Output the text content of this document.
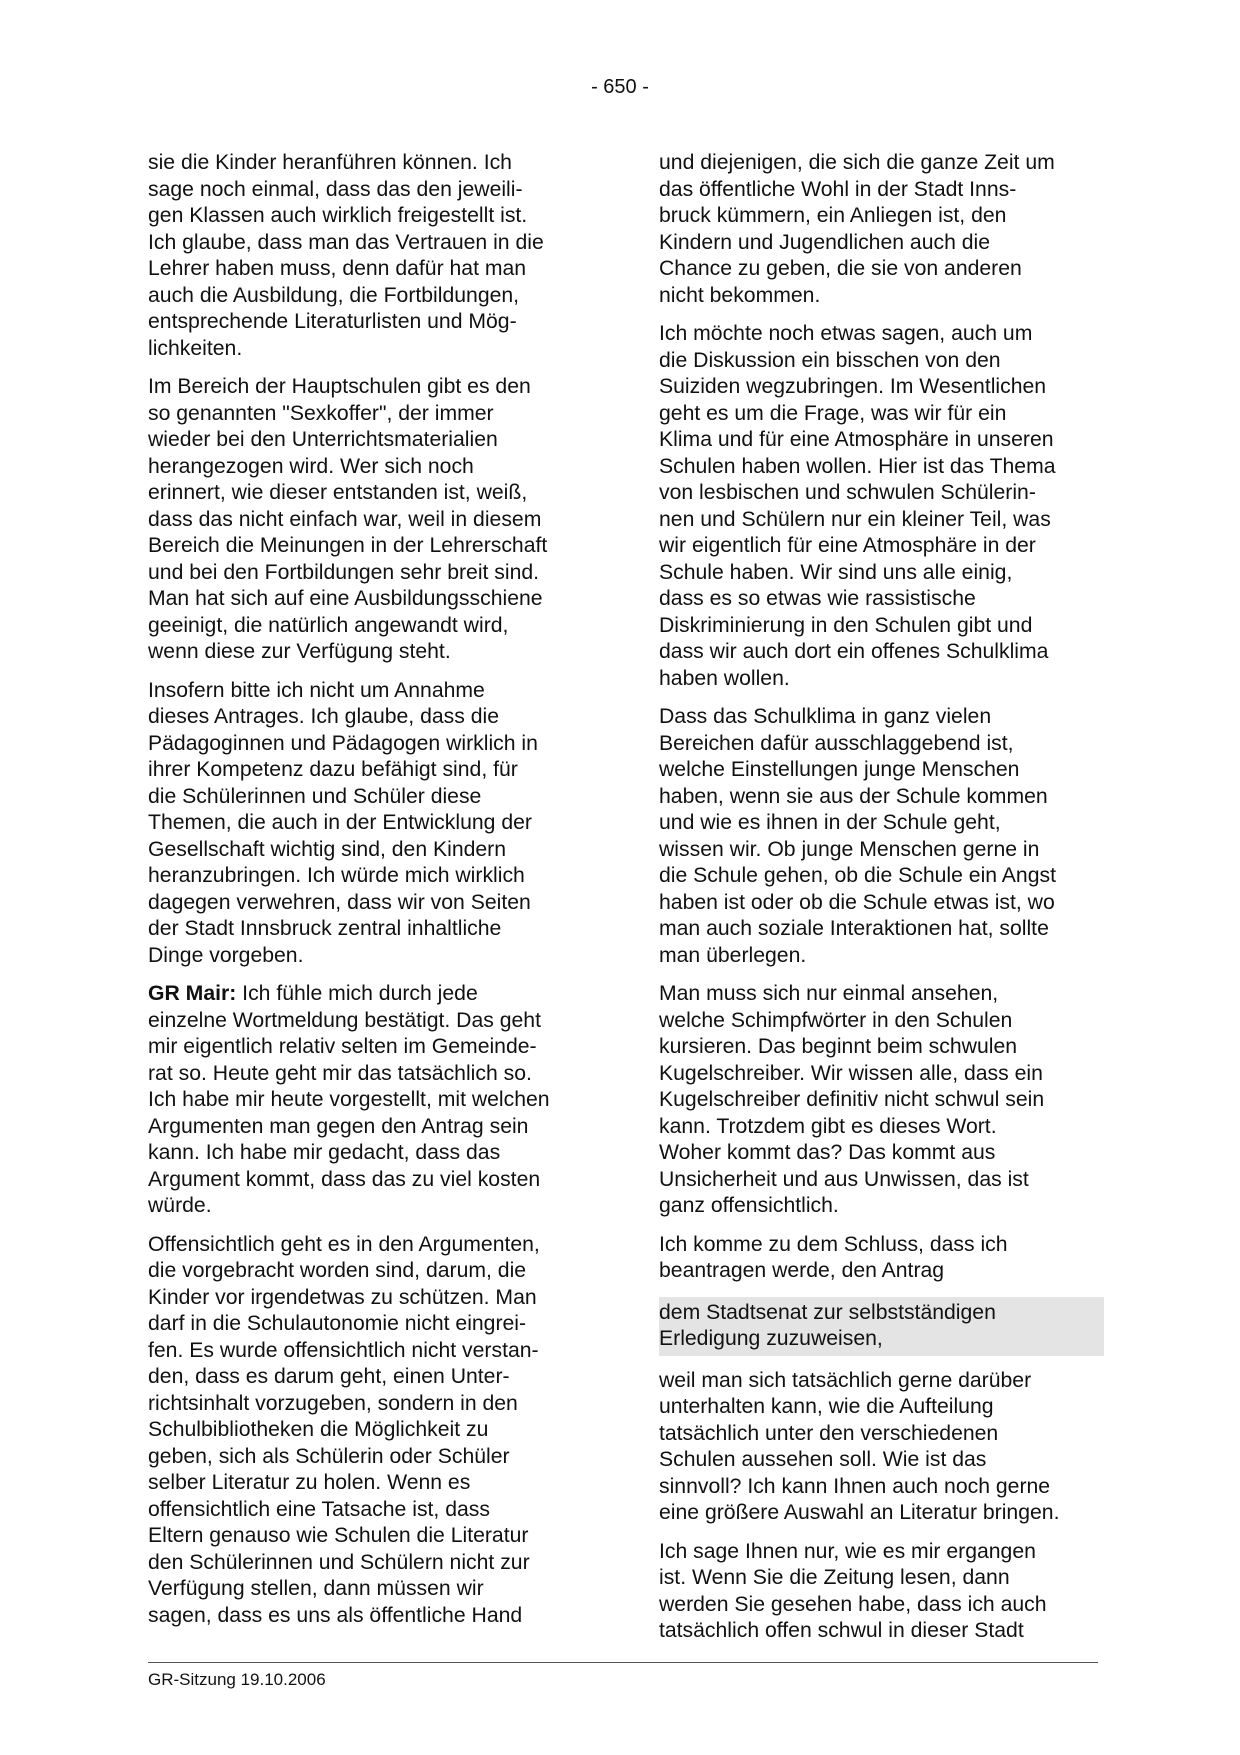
- 650 -
sie die Kinder heranführen können. Ich
sage noch einmal, dass das den jeweili-
gen Klassen auch wirklich freigestellt ist.
Ich glaube, dass man das Vertrauen in die
Lehrer haben muss, denn dafür hat man
auch die Ausbildung, die Fortbildungen,
entsprechende Literaturlisten und Mög-
lichkeiten.
Im Bereich der Hauptschulen gibt es den
so genannten "Sexkoffer", der immer
wieder bei den Unterrichtsmaterialien
herangezogen wird. Wer sich noch
erinnert, wie dieser entstanden ist, weiß,
dass das nicht einfach war, weil in diesem
Bereich die Meinungen in der Lehrerschaft
und bei den Fortbildungen sehr breit sind.
Man hat sich auf eine Ausbildungsschiene
geeinigt, die natürlich angewandt wird,
wenn diese zur Verfügung steht.
Insofern bitte ich nicht um Annahme
dieses Antrages. Ich glaube, dass die
Pädagoginnen und Pädagogen wirklich in
ihrer Kompetenz dazu befähigt sind, für
die Schülerinnen und Schüler diese
Themen, die auch in der Entwicklung der
Gesellschaft wichtig sind, den Kindern
heranzubringen. Ich würde mich wirklich
dagegen verwehren, dass wir von Seiten
der Stadt Innsbruck zentral inhaltliche
Dinge vorgeben.
GR Mair: Ich fühle mich durch jede
einzelne Wortmeldung bestätigt. Das geht
mir eigentlich relativ selten im Gemeinde-
rat so. Heute geht mir das tatsächlich so.
Ich habe mir heute vorgestellt, mit welchen
Argumenten man gegen den Antrag sein
kann. Ich habe mir gedacht, dass das
Argument kommt, dass das zu viel kosten
würde.
Offensichtlich geht es in den Argumenten,
die vorgebracht worden sind, darum, die
Kinder vor irgendetwas zu schützen. Man
darf in die Schulautonomie nicht eingrei-
fen. Es wurde offensichtlich nicht verstan-
den, dass es darum geht, einen Unter-
richtsinhalt vorzugeben, sondern in den
Schulbibliotheken die Möglichkeit zu
geben, sich als Schülerin oder Schüler
selber Literatur zu holen. Wenn es
offensichtlich eine Tatsache ist, dass
Eltern genauso wie Schulen die Literatur
den Schülerinnen und Schülern nicht zur
Verfügung stellen, dann müssen wir
sagen, dass es uns als öffentliche Hand
und diejenigen, die sich die ganze Zeit um
das öffentliche Wohl in der Stadt Inns-
bruck kümmern, ein Anliegen ist, den
Kindern und Jugendlichen auch die
Chance zu geben, die sie von anderen
nicht bekommen.
Ich möchte noch etwas sagen, auch um
die Diskussion ein bisschen von den
Suiziden wegzubringen. Im Wesentlichen
geht es um die Frage, was wir für ein
Klima und für eine Atmosphäre in unseren
Schulen haben wollen. Hier ist das Thema
von lesbischen und schwulen Schülerin-
nen und Schülern nur ein kleiner Teil, was
wir eigentlich für eine Atmosphäre in der
Schule haben. Wir sind uns alle einig,
dass es so etwas wie rassistische
Diskriminierung in den Schulen gibt und
dass wir auch dort ein offenes Schulklima
haben wollen.
Dass das Schulklima in ganz vielen
Bereichen dafür ausschlaggebend ist,
welche Einstellungen junge Menschen
haben, wenn sie aus der Schule kommen
und wie es ihnen in der Schule geht,
wissen wir. Ob junge Menschen gerne in
die Schule gehen, ob die Schule ein Angst
haben ist oder ob die Schule etwas ist, wo
man auch soziale Interaktionen hat, sollte
man überlegen.
Man muss sich nur einmal ansehen,
welche Schimpfwörter in den Schulen
kursieren. Das beginnt beim schwulen
Kugelschreiber. Wir wissen alle, dass ein
Kugelschreiber definitiv nicht schwul sein
kann. Trotzdem gibt es dieses Wort.
Woher kommt das? Das kommt aus
Unsicherheit und aus Unwissen, das ist
ganz offensichtlich.
Ich komme zu dem Schluss, dass ich
beantragen werde, den Antrag
dem Stadtsenat zur selbstständigen
Erledigung zuzuweisen,
weil man sich tatsächlich gerne darüber
unterhalten kann, wie die Aufteilung
tatsächlich unter den verschiedenen
Schulen aussehen soll. Wie ist das
sinnvoll? Ich kann Ihnen auch noch gerne
eine größere Auswahl an Literatur bringen.
Ich sage Ihnen nur, wie es mir ergangen
ist. Wenn Sie die Zeitung lesen, dann
werden Sie gesehen habe, dass ich auch
tatsächlich offen schwul in dieser Stadt
GR-Sitzung 19.10.2006
